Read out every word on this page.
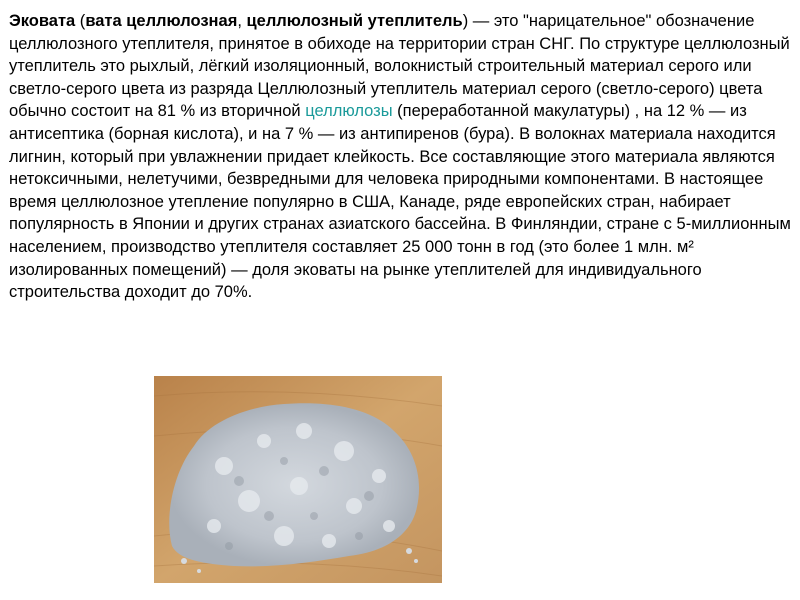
Эковата (вата целлюлозная, целлюлозный утеплитель) — это "нарицательное" обозначение целлюлозного утеплителя, принятое в обиходе на территории стран СНГ. По структуре целлюлозный утеплитель это рыхлый, лёгкий изоляционный, волокнистый строительный материал серого или светло-серого цвета из разряда Целлюлозный утеплитель материал серого (светло-серого) цвета обычно состоит на 81 % из вторичной целлюлозы (переработанной макулатуры) , на 12 % — из антисептика (борная кислота), и на 7 % — из антипиренов (бура). В волокнах материала находится лигнин, который при увлажнении придает клейкость. Все составляющие этого материала являются нетоксичными, нелетучими, безвредными для человека природными компонентами. В настоящее время целлюлозное утепление популярно в США, Канаде, ряде европейских стран, набирает популярность в Японии и других странах азиатского бассейна. В Финляндии, стране с 5-миллионным населением, производство утеплителя составляет 25 000 тонн в год (это более 1 млн. м² изолированных помещений) — доля эковаты на рынке утеплителей для индивидуального строительства доходит до 70%.
